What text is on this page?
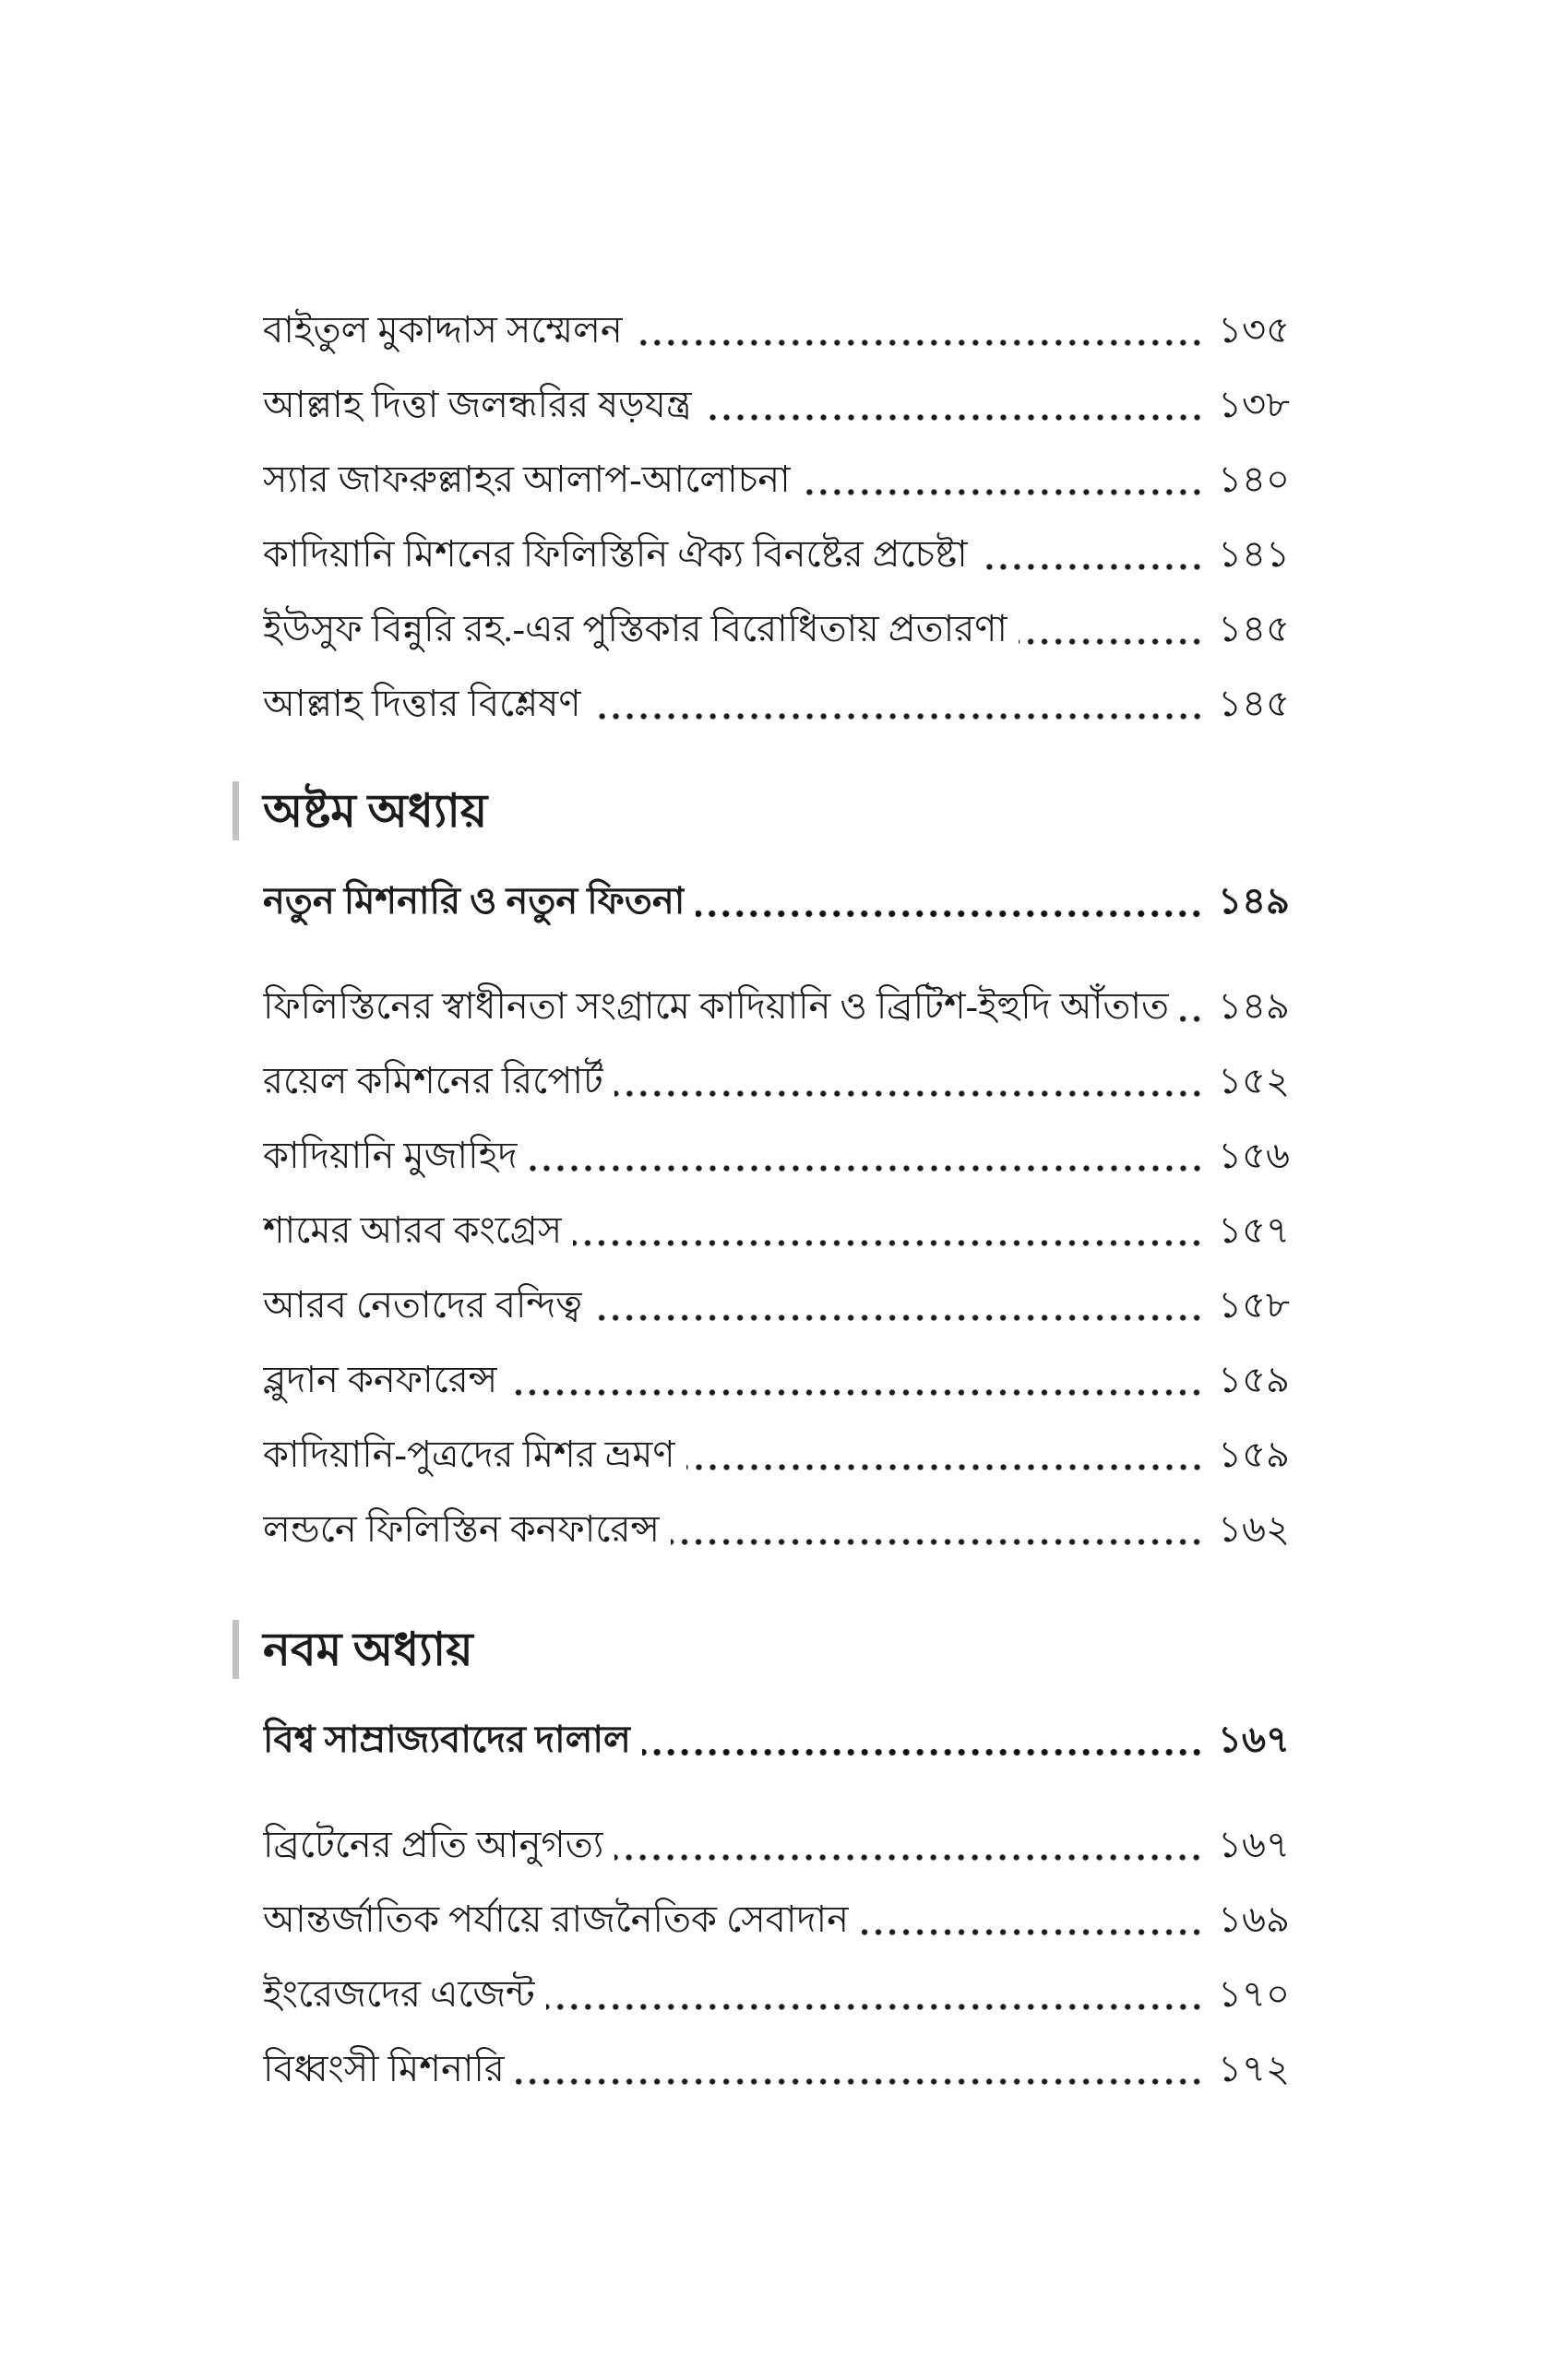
বাইতুল মুকাদ্দাস সম্মেলন	১৩৫
আল্লাহ দিত্তা জলন্ধরির ষড়যন্ত্র	১৩৮
স্যার জাফরুল্লাহর আলাপ-আলোচনা	১৪০
কাদিয়ানি মিশনের ফিলিস্তিনি ঐক্য বিনষ্টের প্রচেষ্টা	১৪১
ইউসুফ বিন্নুরি রহ.-এর পুস্তিকার বিরোধিতায় প্রতারণা	১৪৫
আল্লাহ দিত্তার বিশ্লেষণ	১৪৫
অষ্টম অধ্যায়
নতুন মিশনারি ও নতুন ফিতনা	১৪৯
ফিলিস্তিনের স্বাধীনতা সংগ্রামে কাদিয়ানি ও ব্রিটিশ-ইহুদি আঁতাত ১৪৯
রয়েল কমিশনের রিপোর্ট	১৫২
কাদিয়ানি মুজাহিদ	১৫৬
শামের আরব কংগ্রেস	১৫৭
আরব নেতাদের বন্দিত্ব	১৫৮
ব্লুদান কনফারেন্স	১৫৯
কাদিয়ানি-পুত্রদের মিশর ভ্রমণ	১৫৯
লন্ডনে ফিলিস্তিন কনফারেন্স	১৬২
নবম অধ্যায়
বিশ্ব সাম্রাজ্যবাদের দালাল	১৬৭
ব্রিটেনের প্রতি আনুগত্য	১৬৭
আন্তর্জাতিক পর্যায়ে রাজনৈতিক সেবাদান	১৬৯
ইংরেজদের এজেন্ট	১৭০
বিধ্বংসী মিশনারি	১৭২
